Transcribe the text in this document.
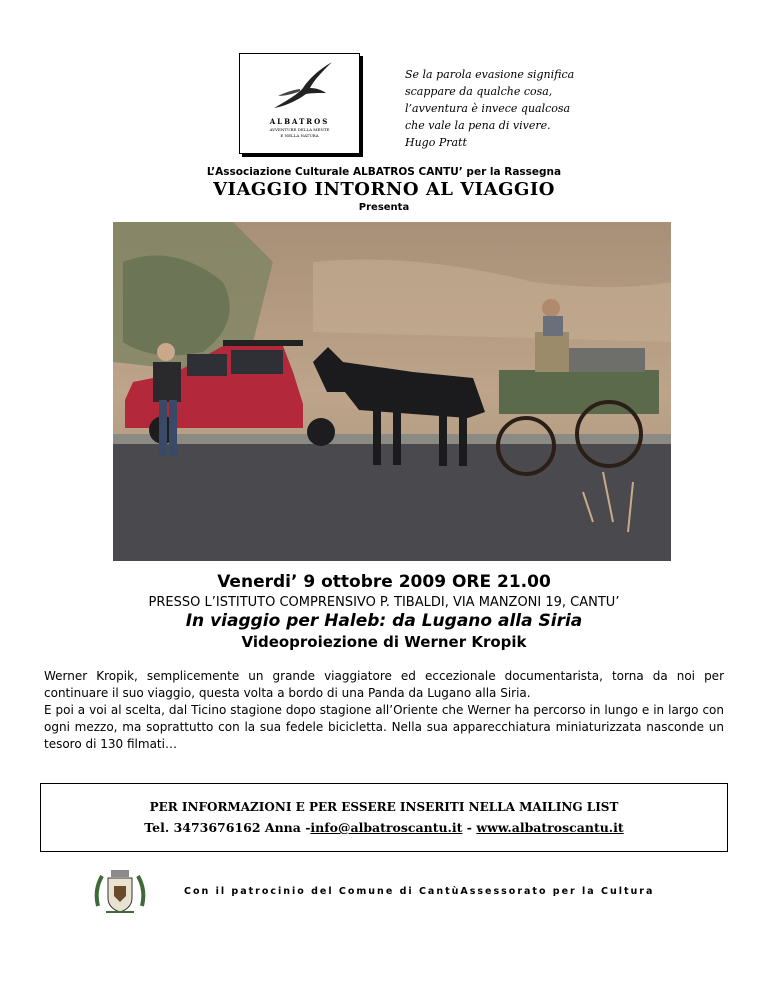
ALBATROS
AVVENTURE DELLA MENTE
E NELLA NATURA
Se la parola evasione significa
scappare da qualche cosa,
l’avventura è invece qualcosa
che vale la pena di vivere.
Hugo Pratt
L’Associazione Culturale ALBATROS CANTU’ per la Rassegna
VIAGGIO INTORNO AL VIAGGIO
Presenta
Venerdi’ 9 ottobre 2009 ORE 21.00
PRESSO L’ISTITUTO COMPRENSIVO P. TIBALDI, VIA MANZONI 19, CANTU’
In viaggio per Haleb: da Lugano alla Siria
Videoproiezione di Werner Kropik

Werner Kropik, semplicemente un grande viaggiatore ed eccezionale documentarista, torna da noi per continuare il suo viaggio, questa volta a bordo di una Panda da Lugano alla Siria.

E poi a voi al scelta, dal Ticino stagione dopo stagione all’Oriente che Werner ha percorso in lungo e in largo con ogni mezzo, ma soprattutto con la sua fedele bicicletta. Nella sua apparecchiatura miniaturizzata nasconde un tesoro di 130 filmati…

PER INFORMAZIONI E PER ESSERE INSERITI NELLA MAILING LIST
Tel. 3473676162 Anna -info@albatroscantu.it - www.albatroscantu.it
Con il patrocinio del Comune di CantùAssessorato per la Cultura
